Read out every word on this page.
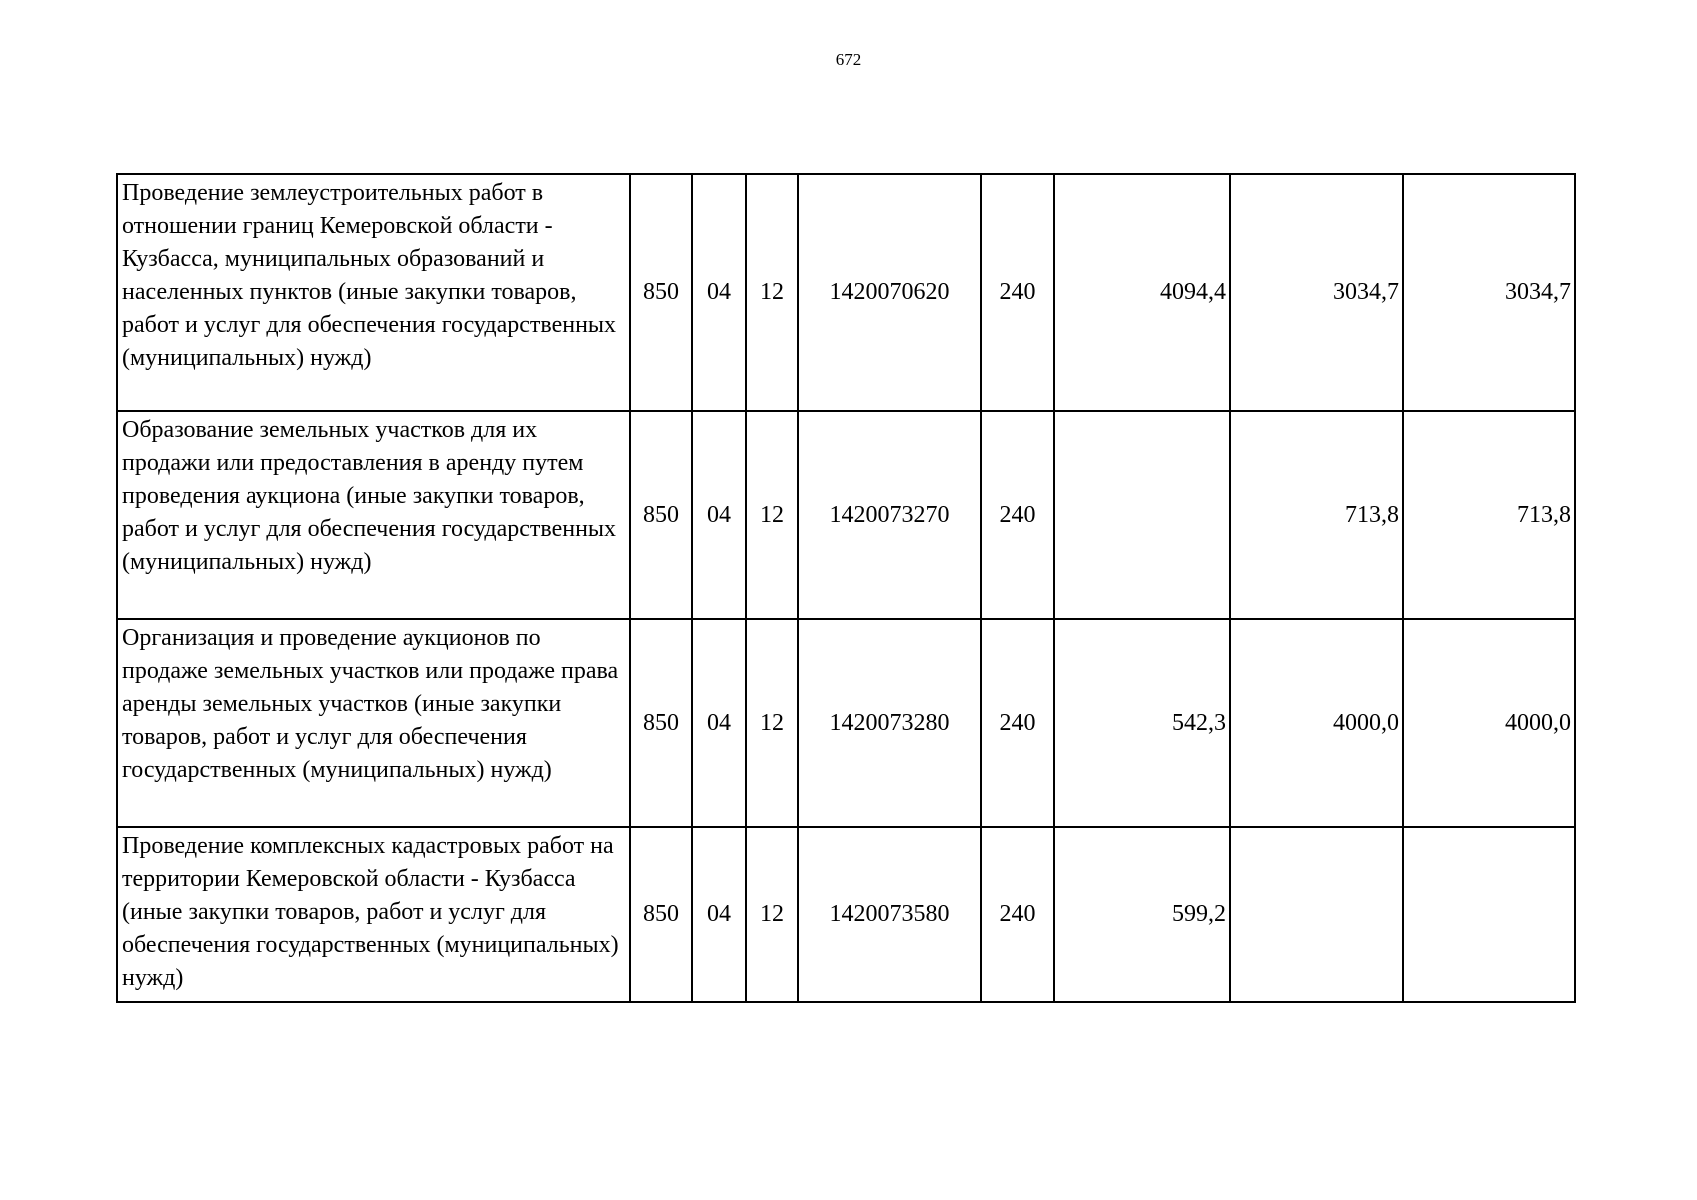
672
Проведение землеустроительных работ в отношении границ Кемеровской области - Кузбасса, муниципальных образований и населенных пунктов (иные закупки товаров, работ и услуг для обеспечения государственных (муниципальных) нужд)	850	04	12	1420070620	240	4094,4	3034,7	3034,7
Образование земельных участков для их продажи или предоставления в аренду путем проведения аукциона (иные закупки товаров, работ и услуг для обеспечения государственных (муниципальных) нужд)	850	04	12	1420073270	240		713,8	713,8
Организация и проведение аукционов по продаже земельных участков или продаже права аренды земельных участков (иные закупки товаров, работ и услуг для обеспечения государственных (муниципальных) нужд)	850	04	12	1420073280	240	542,3	4000,0	4000,0
Проведение комплексных кадастровых работ на территории Кемеровской области - Кузбасса (иные закупки товаров, работ и услуг для обеспечения государственных (муниципальных) нужд)	850	04	12	1420073580	240	599,2		
